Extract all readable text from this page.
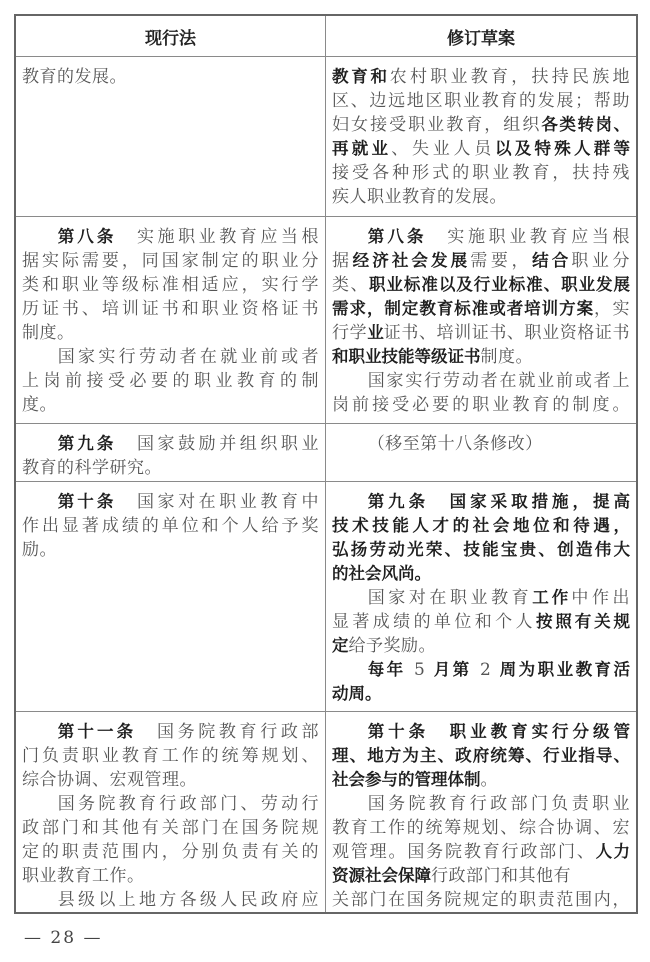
现行法	修订草案
教育的发展。	教育和农村职业教育，扶持民族地
区、边远地区职业教育的发展；帮助
妇女接受职业教育，组织各类转岗、
再就业、失业人员以及特殊人群等
接受各种形式的职业教育，扶持残
疾人职业教育的发展。
第八条　实施职业教育应当根
据实际需要，同国家制定的职业分
类和职业等级标准相适应，实行学
历证书、培训证书和职业资格证书
制度。
国家实行劳动者在就业前或者
上岗前接受必要的职业教育的制
度。
第八条　实施职业教育应当根
据经济社会发展需要，结合职业分
类、职业标准以及行业标准、职业发展
需求，制定教育标准或者培训方案，实
行学业证书、培训证书、职业资格证书
和职业技能等级证书制度。
国家实行劳动者在就业前或者上
岗前接受必要的职业教育的制度。
第九条　国家鼓励并组织职业
教育的科学研究。
（移至第十八条修改）
第十条　国家对在职业教育中
作出显著成绩的单位和个人给予奖
励。
第九条　国家采取措施，提高
技术技能人才的社会地位和待遇，
弘扬劳动光荣、技能宝贵、创造伟大
的社会风尚。
国家对在职业教育工作中作出
显著成绩的单位和个人按照有关规
定给予奖励。
每年 5 月第 2 周为职业教育活
动周。
第十一条　国务院教育行政部
门负责职业教育工作的统筹规划、
综合协调、宏观管理。
国务院教育行政部门、劳动行
政部门和其他有关部门在国务院规
定的职责范围内，分别负责有关的
职业教育工作。
县级以上地方各级人民政府应
第十条　职业教育实行分级管
理、地方为主、政府统筹、行业指导、
社会参与的管理体制。
国务院教育行政部门负责职业
教育工作的统筹规划、综合协调、宏
观管理。国务院教育行政部门、人力
资源社会保障行政部门和其他有
关部门在国务院规定的职责范围内，
— 28 —
